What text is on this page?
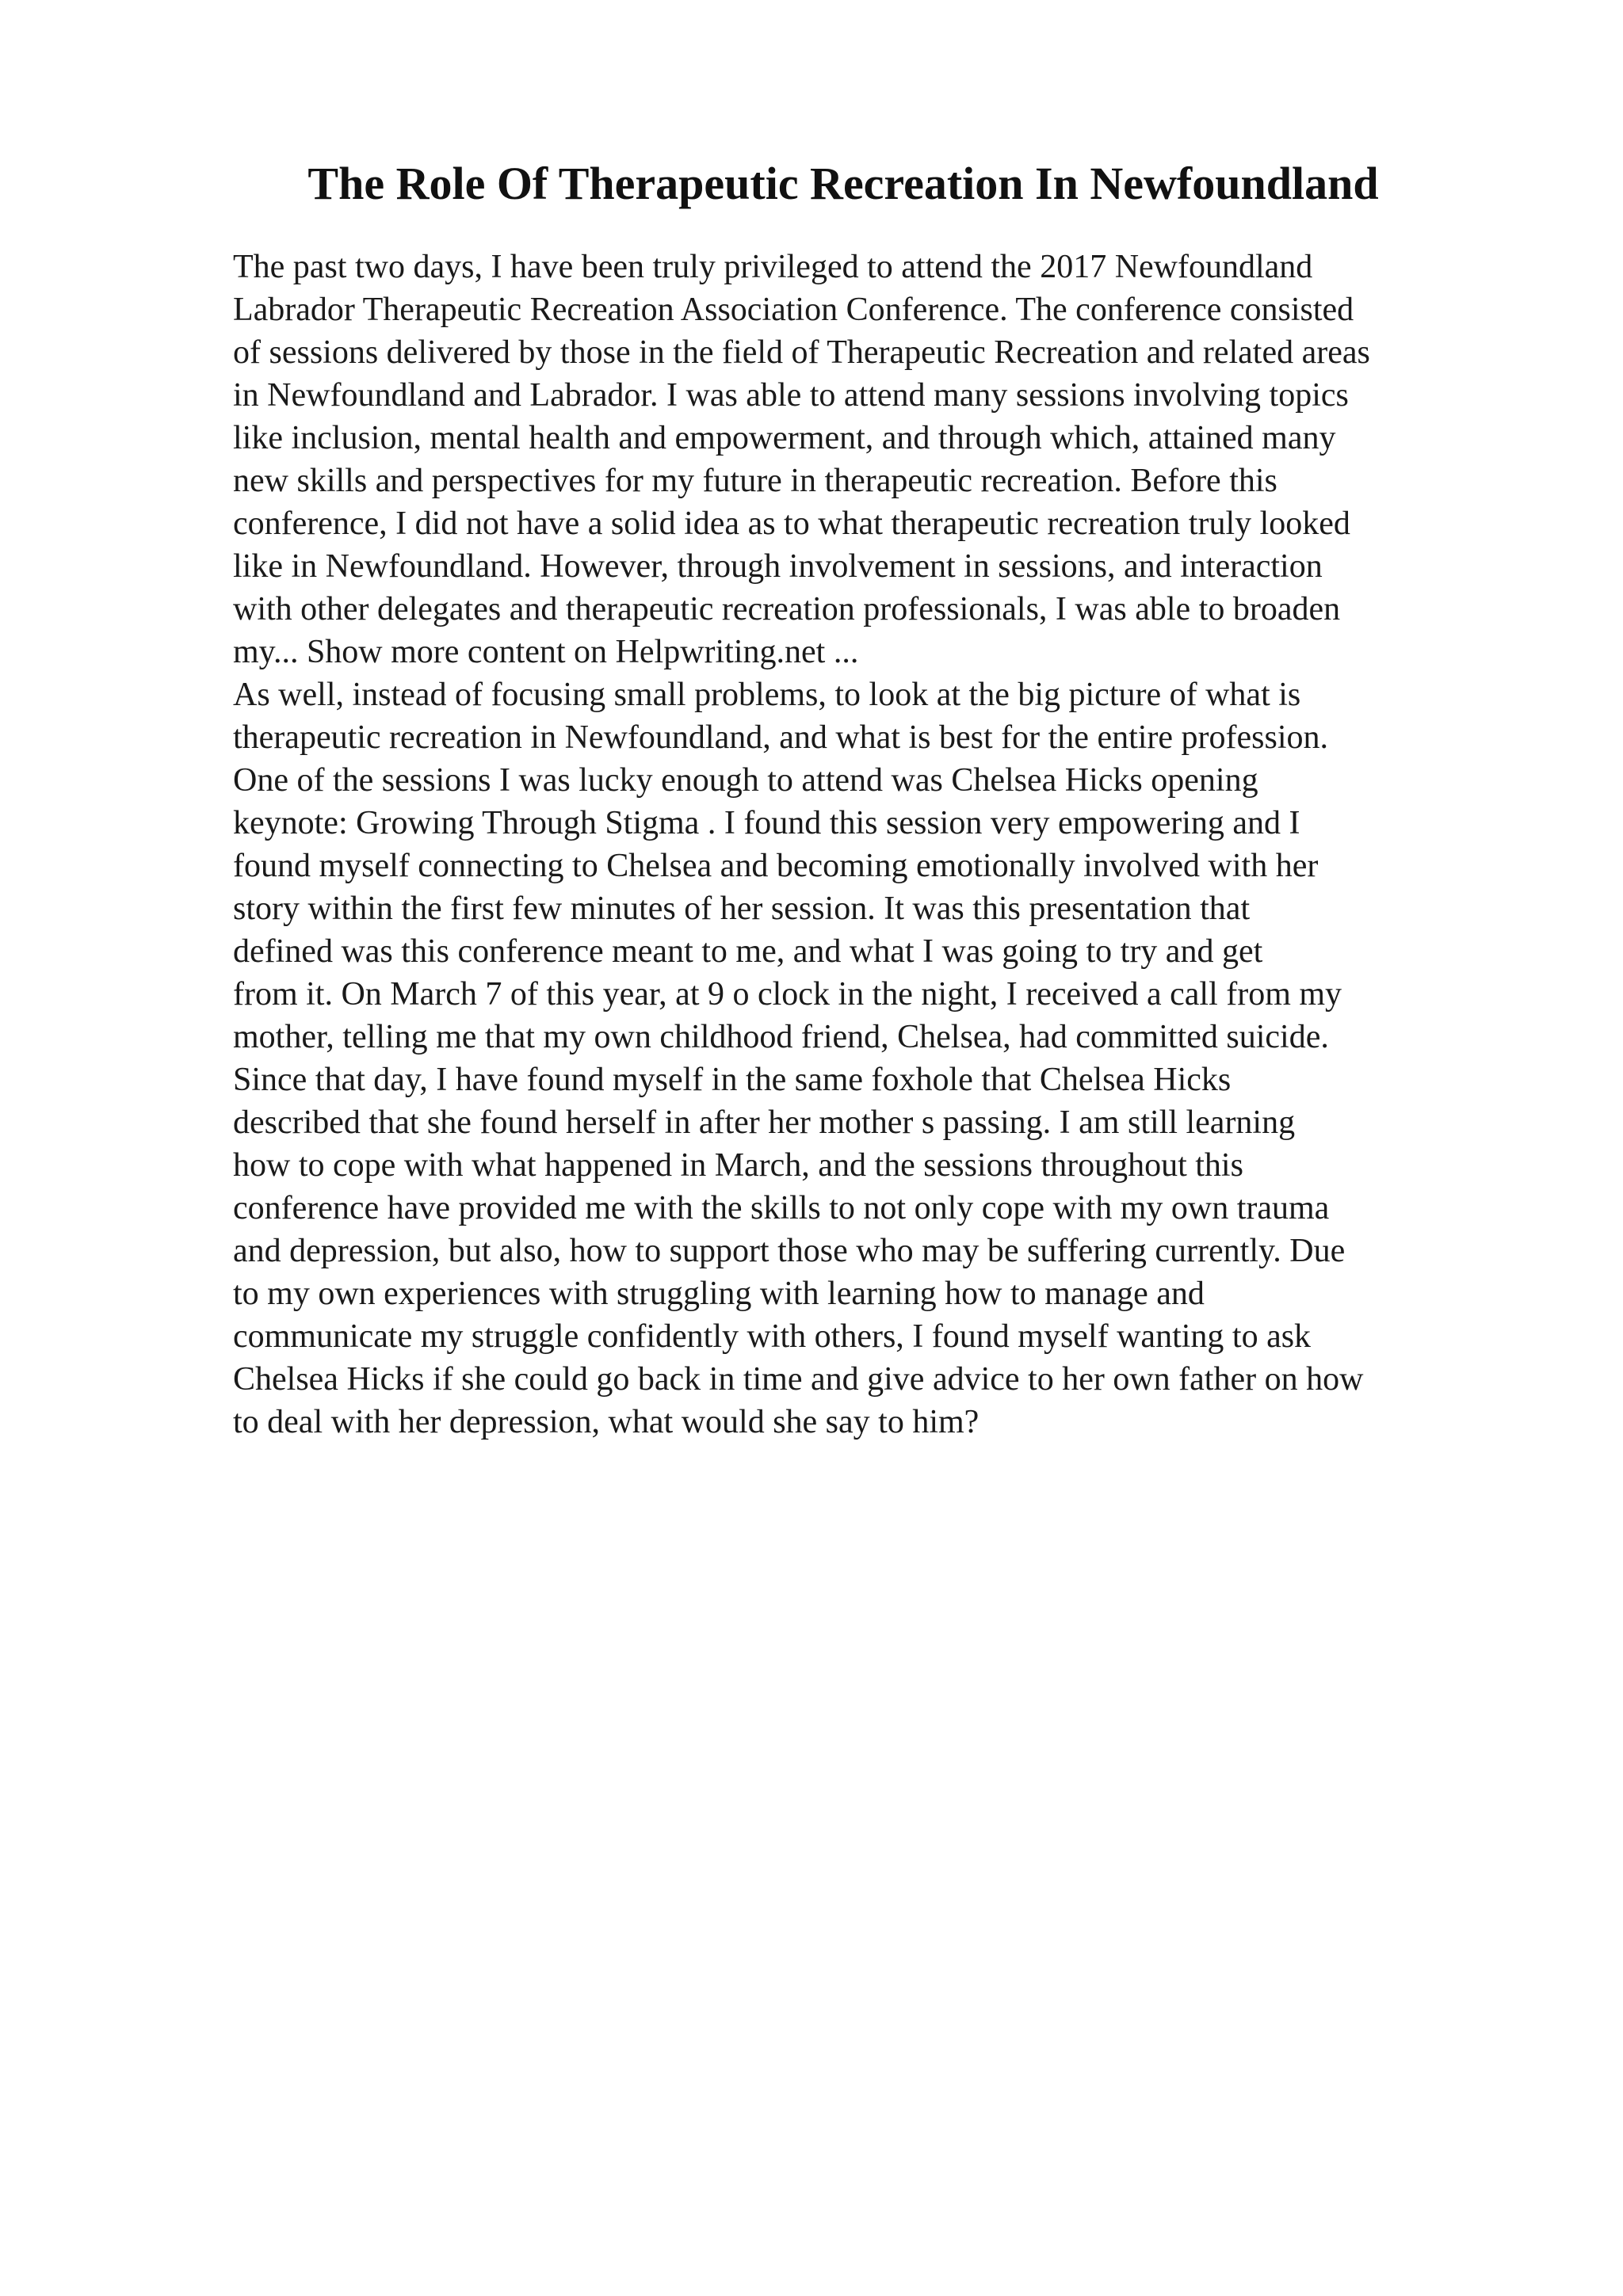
The Role Of Therapeutic Recreation In Newfoundland
The past two days, I have been truly privileged to attend the 2017 Newfoundland
Labrador Therapeutic Recreation Association Conference. The conference consisted
of sessions delivered by those in the field of Therapeutic Recreation and related areas
in Newfoundland and Labrador. I was able to attend many sessions involving topics
like inclusion, mental health and empowerment, and through which, attained many
new skills and perspectives for my future in therapeutic recreation. Before this
conference, I did not have a solid idea as to what therapeutic recreation truly looked
like in Newfoundland. However, through involvement in sessions, and interaction
with other delegates and therapeutic recreation professionals, I was able to broaden
my... Show more content on Helpwriting.net ...
As well, instead of focusing small problems, to look at the big picture of what is
therapeutic recreation in Newfoundland, and what is best for the entire profession.
One of the sessions I was lucky enough to attend was Chelsea Hicks opening
keynote: Growing Through Stigma . I found this session very empowering and I
found myself connecting to Chelsea and becoming emotionally involved with her
story within the first few minutes of her session. It was this presentation that
defined was this conference meant to me, and what I was going to try and get
from it. On March 7 of this year, at 9 o clock in the night, I received a call from my
mother, telling me that my own childhood friend, Chelsea, had committed suicide.
Since that day, I have found myself in the same foxhole that Chelsea Hicks
described that she found herself in after her mother s passing. I am still learning
how to cope with what happened in March, and the sessions throughout this
conference have provided me with the skills to not only cope with my own trauma
and depression, but also, how to support those who may be suffering currently. Due
to my own experiences with struggling with learning how to manage and
communicate my struggle confidently with others, I found myself wanting to ask
Chelsea Hicks if she could go back in time and give advice to her own father on how
to deal with her depression, what would she say to him?
